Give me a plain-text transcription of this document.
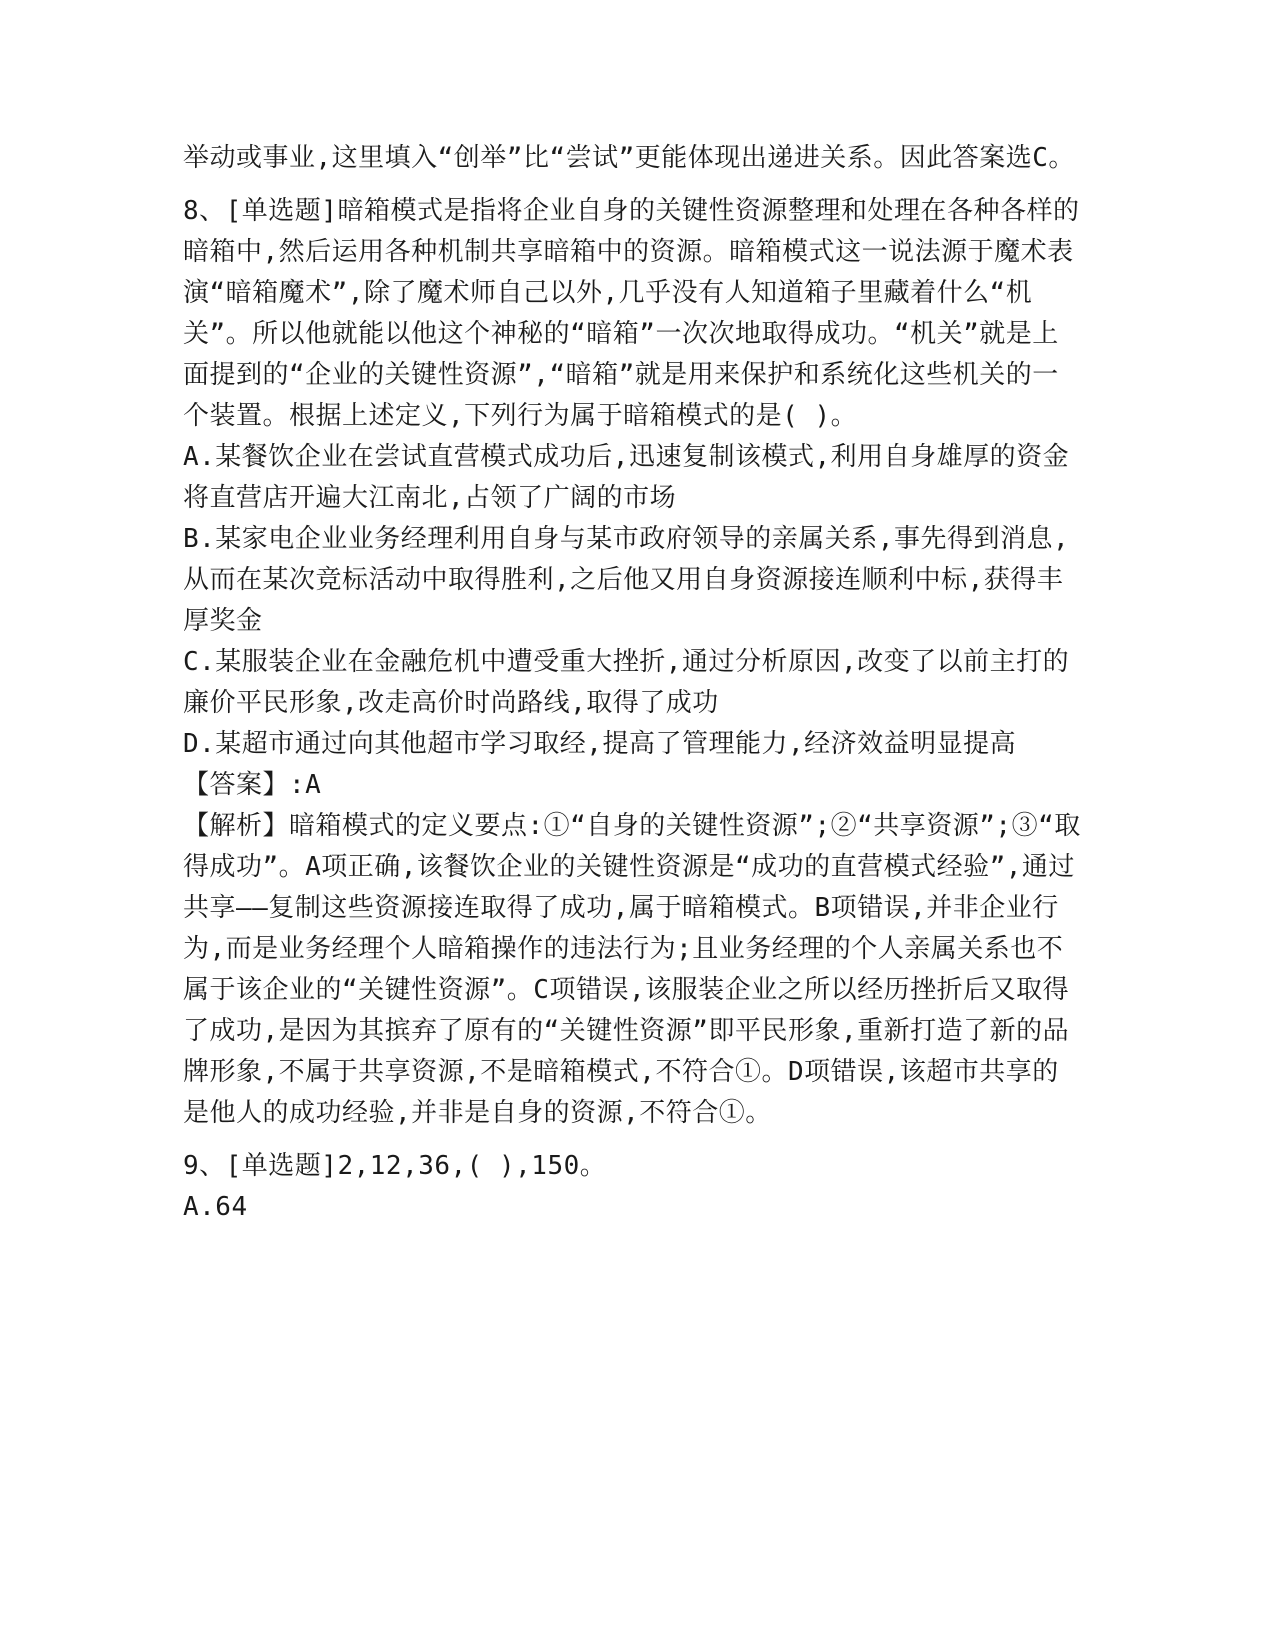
举动或事业,这里填入“创举”比“尝试”更能体现出递进关系。因此答案选C。

8、[单选题]暗箱模式是指将企业自身的关键性资源整理和处理在各种各样的暗箱中,然后运用各种机制共享暗箱中的资源。暗箱模式这一说法源于魔术表演“暗箱魔术”,除了魔术师自己以外,几乎没有人知道箱子里藏着什么“机关”。所以他就能以他这个神秘的“暗箱”一次次地取得成功。“机关”就是上面提到的“企业的关键性资源”,“暗箱”就是用来保护和系统化这些机关的一个装置。根据上述定义,下列行为属于暗箱模式的是( )。

A.某餐饮企业在尝试直营模式成功后,迅速复制该模式,利用自身雄厚的资金将直营店开遍大江南北,占领了广阔的市场

B.某家电企业业务经理利用自身与某市政府领导的亲属关系,事先得到消息,从而在某次竞标活动中取得胜利,之后他又用自身资源接连顺利中标,获得丰厚奖金

C.某服装企业在金融危机中遭受重大挫折,通过分析原因,改变了以前主打的廉价平民形象,改走高价时尚路线,取得了成功

D.某超市通过向其他超市学习取经,提高了管理能力,经济效益明显提高

【答案】:A

【解析】暗箱模式的定义要点:①“自身的关键性资源”;②“共享资源”;③“取得成功”。A项正确,该餐饮企业的关键性资源是“成功的直营模式经验”,通过共享——复制这些资源接连取得了成功,属于暗箱模式。B项错误,并非企业行为,而是业务经理个人暗箱操作的违法行为;且业务经理的个人亲属关系也不属于该企业的“关键性资源”。C项错误,该服装企业之所以经历挫折后又取得了成功,是因为其摈弃了原有的“关键性资源”即平民形象,重新打造了新的品牌形象,不属于共享资源,不是暗箱模式,不符合①。D项错误,该超市共享的是他人的成功经验,并非是自身的资源,不符合①。

9、[单选题]2,12,36,( ),150。

A.64
